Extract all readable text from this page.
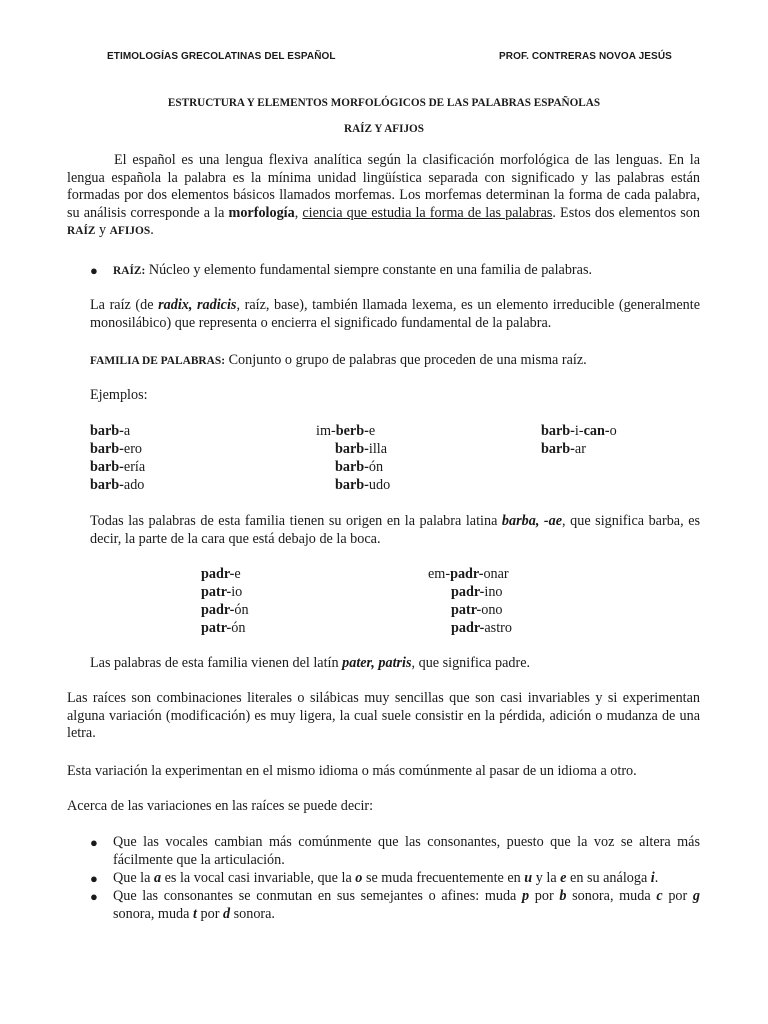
ETIMOLOGÍAS GRECOLATINAS DEL ESPAÑOL	PROF. CONTRERAS NOVOA JESÚS
ESTRUCTURA Y ELEMENTOS MORFOLÓGICOS DE LAS PALABRAS ESPAÑOLAS
RAÍZ Y AFIJOS
El español es una lengua flexiva analítica según la clasificación morfológica de las lenguas. En la lengua española la palabra es la mínima unidad lingüística separada con significado y las palabras están formadas por dos elementos básicos llamados morfemas. Los morfemas determinan la forma de cada palabra, su análisis corresponde a la morfología, ciencia que estudia la forma de las palabras. Estos dos elementos son RAÍZ y AFIJOS.
● RAÍZ: Núcleo y elemento fundamental siempre constante en una familia de palabras.
La raíz (de radix, radicis, raíz, base), también llamada lexema, es un elemento irreducible (generalmente monosilábico) que representa o encierra el significado fundamental de la palabra.
FAMILIA DE PALABRAS: Conjunto o grupo de palabras que proceden de una misma raíz.
Ejemplos:
barb-a
barb-ero
barb-ería
barb-ado
im-berb-e
barb-illa
barb-ón
barb-udo
barb-i-can-o
barb-ar
Todas las palabras de esta familia tienen su origen en la palabra latina barba, -ae, que significa barba, es decir, la parte de la cara que está debajo de la boca.
padr-e
patr-io
padr-ón
patr-ón
em-padr-onar
padr-ino
patr-ono
padr-astro
Las palabras de esta familia vienen del latín pater, patris, que significa padre.
Las raíces son combinaciones literales o silábicas muy sencillas que son casi invariables y si experimentan alguna variación (modificación) es muy ligera, la cual suele consistir en la pérdida, adición o mudanza de una letra.
Esta variación la experimentan en el mismo idioma o más comúnmente al pasar de un idioma a otro.
Acerca de las variaciones en las raíces se puede decir:
● Que las vocales cambian más comúnmente que las consonantes, puesto que la voz se altera más fácilmente que la articulación.
● Que la a es la vocal casi invariable, que la o se muda frecuentemente en u y la e en su análoga i.
● Que las consonantes se conmutan en sus semejantes o afines: muda p por b sonora, muda c por g sonora, muda t por d sonora.
